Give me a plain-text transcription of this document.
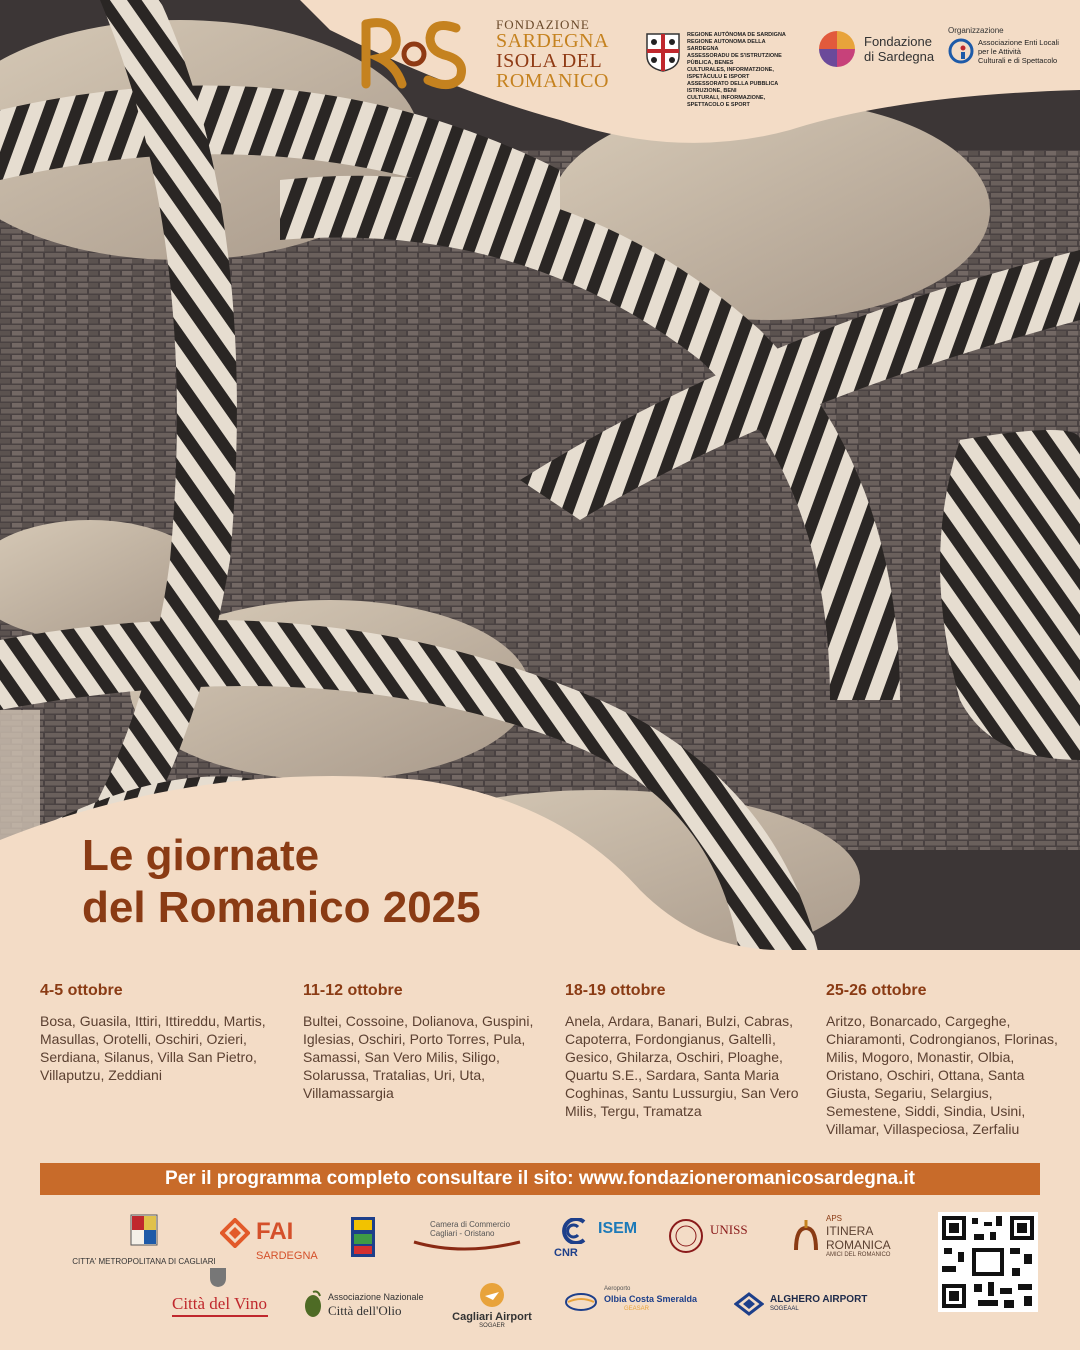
FONDAZIONE
SARDEGNA
ISOLA DEL
ROMANICO
REGIONE AUTÒNOMA DE SARDIGNA
REGIONE AUTONOMA DELLA SARDEGNA
ASSESSORADU DE S'ISTRUTZIONE PÙBLICA, BENES
CULTURALES, INFORMATZIONE, ISPETÀCULU E ISPORT
ASSESSORATO DELLA PUBBLICA ISTRUZIONE, BENI
CULTURALI, INFORMAZIONE, SPETTACOLO E SPORT
Fondazione
di Sardegna
Organizzazione
Associazione Enti Locali
per le Attività
Culturali e di Spettacolo
Le giornate
del Romanico 2025
4-5 ottobre
Bosa, Guasila, Ittiri, Ittireddu, Martis, Masullas, Orotelli, Oschiri, Ozieri, Serdiana, Silanus, Villa San Pietro, Villaputzu, Zeddiani
11-12 ottobre
Bultei, Cossoine, Dolianova, Guspini, Iglesias, Oschiri, Porto Torres, Pula, Samassi, San Vero Milis, Siligo, Solarussa, Tratalias, Uri, Uta, Villamassargia
18-19 ottobre
Anela, Ardara, Banari, Bulzi, Cabras, Capoterra, Fordongianus, Galtellì, Gesico, Ghilarza, Oschiri, Ploaghe, Quartu S.E., Sardara, Santa Maria Coghinas, Santu Lussurgiu, San Vero Milis, Tergu, Tramatza
25-26 ottobre
Aritzo, Bonarcado, Cargeghe, Chiaramonti, Codrongianos, Florinas, Milis, Mogoro, Monastir, Olbia, Oristano, Oschiri, Ottana, Santa Giusta, Segariu, Selargius, Semestene, Siddi, Sindia, Usini, Villamar, Villaspeciosa, Zerfaliu
Per il programma completo consultare il sito: www.fondazioneromanicosardegna.it
CITTA' METROPOLITANA DI CAGLIARI
FAI
SARDEGNA
Camera di Commercio
Cagliari - Oristano
CNR
ISEM	UNISS
APS
ITINERA
ROMANICA
AMICI DEL ROMANICO
Città del Vino	Associazione Nazionale
Città dell'Olio	Cagliari Airport
SOGAER
Aeroporto
Olbia Costa Smeralda
GEASAR
ALGHERO AIRPORT
SOGEAAL
